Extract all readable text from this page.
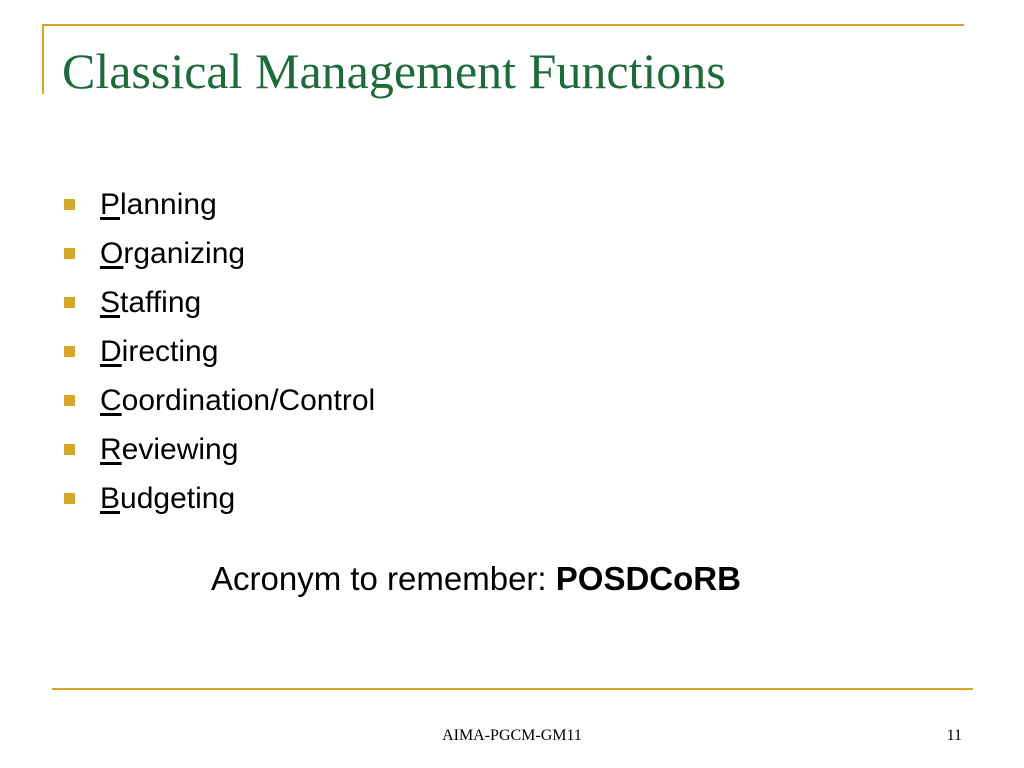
Classical Management Functions
Planning
Organizing
Staffing
Directing
Coordination/Control
Reviewing
Budgeting
Acronym to remember: POSDCoRB
AIMA-PGCM-GM11	11
